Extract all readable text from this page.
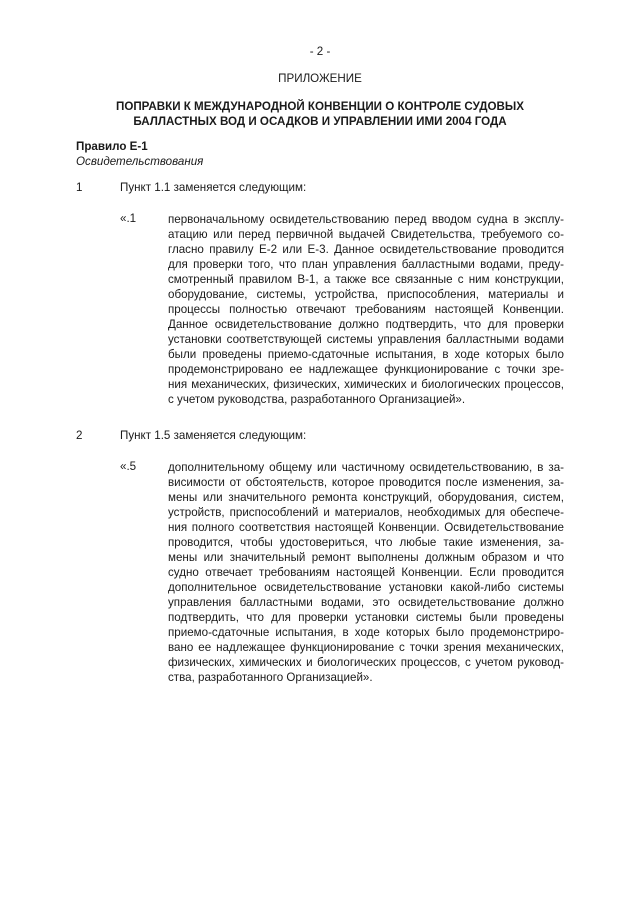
- 2 -
ПРИЛОЖЕНИЕ
ПОПРАВКИ К МЕЖДУНАРОДНОЙ КОНВЕНЦИИ О КОНТРОЛЕ СУДОВЫХ
БАЛЛАСТНЫХ ВОД И ОСАДКОВ И УПРАВЛЕНИИ ИМИ 2004 ГОДА
Правило E-1
Освидетельствования
1	Пункт 1.1 заменяется следующим:
«.1	первоначальному освидетельствованию перед вводом судна в эксплу-
атацию или перед первичной выдачей Свидетельства, требуемого со-
гласно правилу E-2 или E-3. Данное освидетельствование проводится
для проверки того, что план управления балластными водами, преду-
смотренный правилом B-1, а также все связанные с ним конструкции,
оборудование, системы, устройства, приспособления, материалы и
процессы полностью отвечают требованиям настоящей Конвенции.
Данное освидетельствование должно подтвердить, что для проверки
установки соответствующей системы управления балластными водами
были проведены приемо-сдаточные испытания, в ходе которых было
продемонстрировано ее надлежащее функционирование с точки зре-
ния механических, физических, химических и биологических процессов,
с учетом руководства, разработанного Организацией».
2	Пункт 1.5 заменяется следующим:
«.5	дополнительному общему или частичному освидетельствованию, в за-
висимости от обстоятельств, которое проводится после изменения, за-
мены или значительного ремонта конструкций, оборудования, систем,
устройств, приспособлений и материалов, необходимых для обеспече-
ния полного соответствия настоящей Конвенции. Освидетельствование
проводится, чтобы удостовериться, что любые такие изменения, за-
мены или значительный ремонт выполнены должным образом и что
судно отвечает требованиям настоящей Конвенции. Если проводится
дополнительное освидетельствование установки какой-либо системы
управления балластными водами, это освидетельствование должно
подтвердить, что для проверки установки системы были проведены
приемо-сдаточные испытания, в ходе которых было продемонстриро-
вано ее надлежащее функционирование с точки зрения механических,
физических, химических и биологических процессов, с учетом руковод-
ства, разработанного Организацией».
